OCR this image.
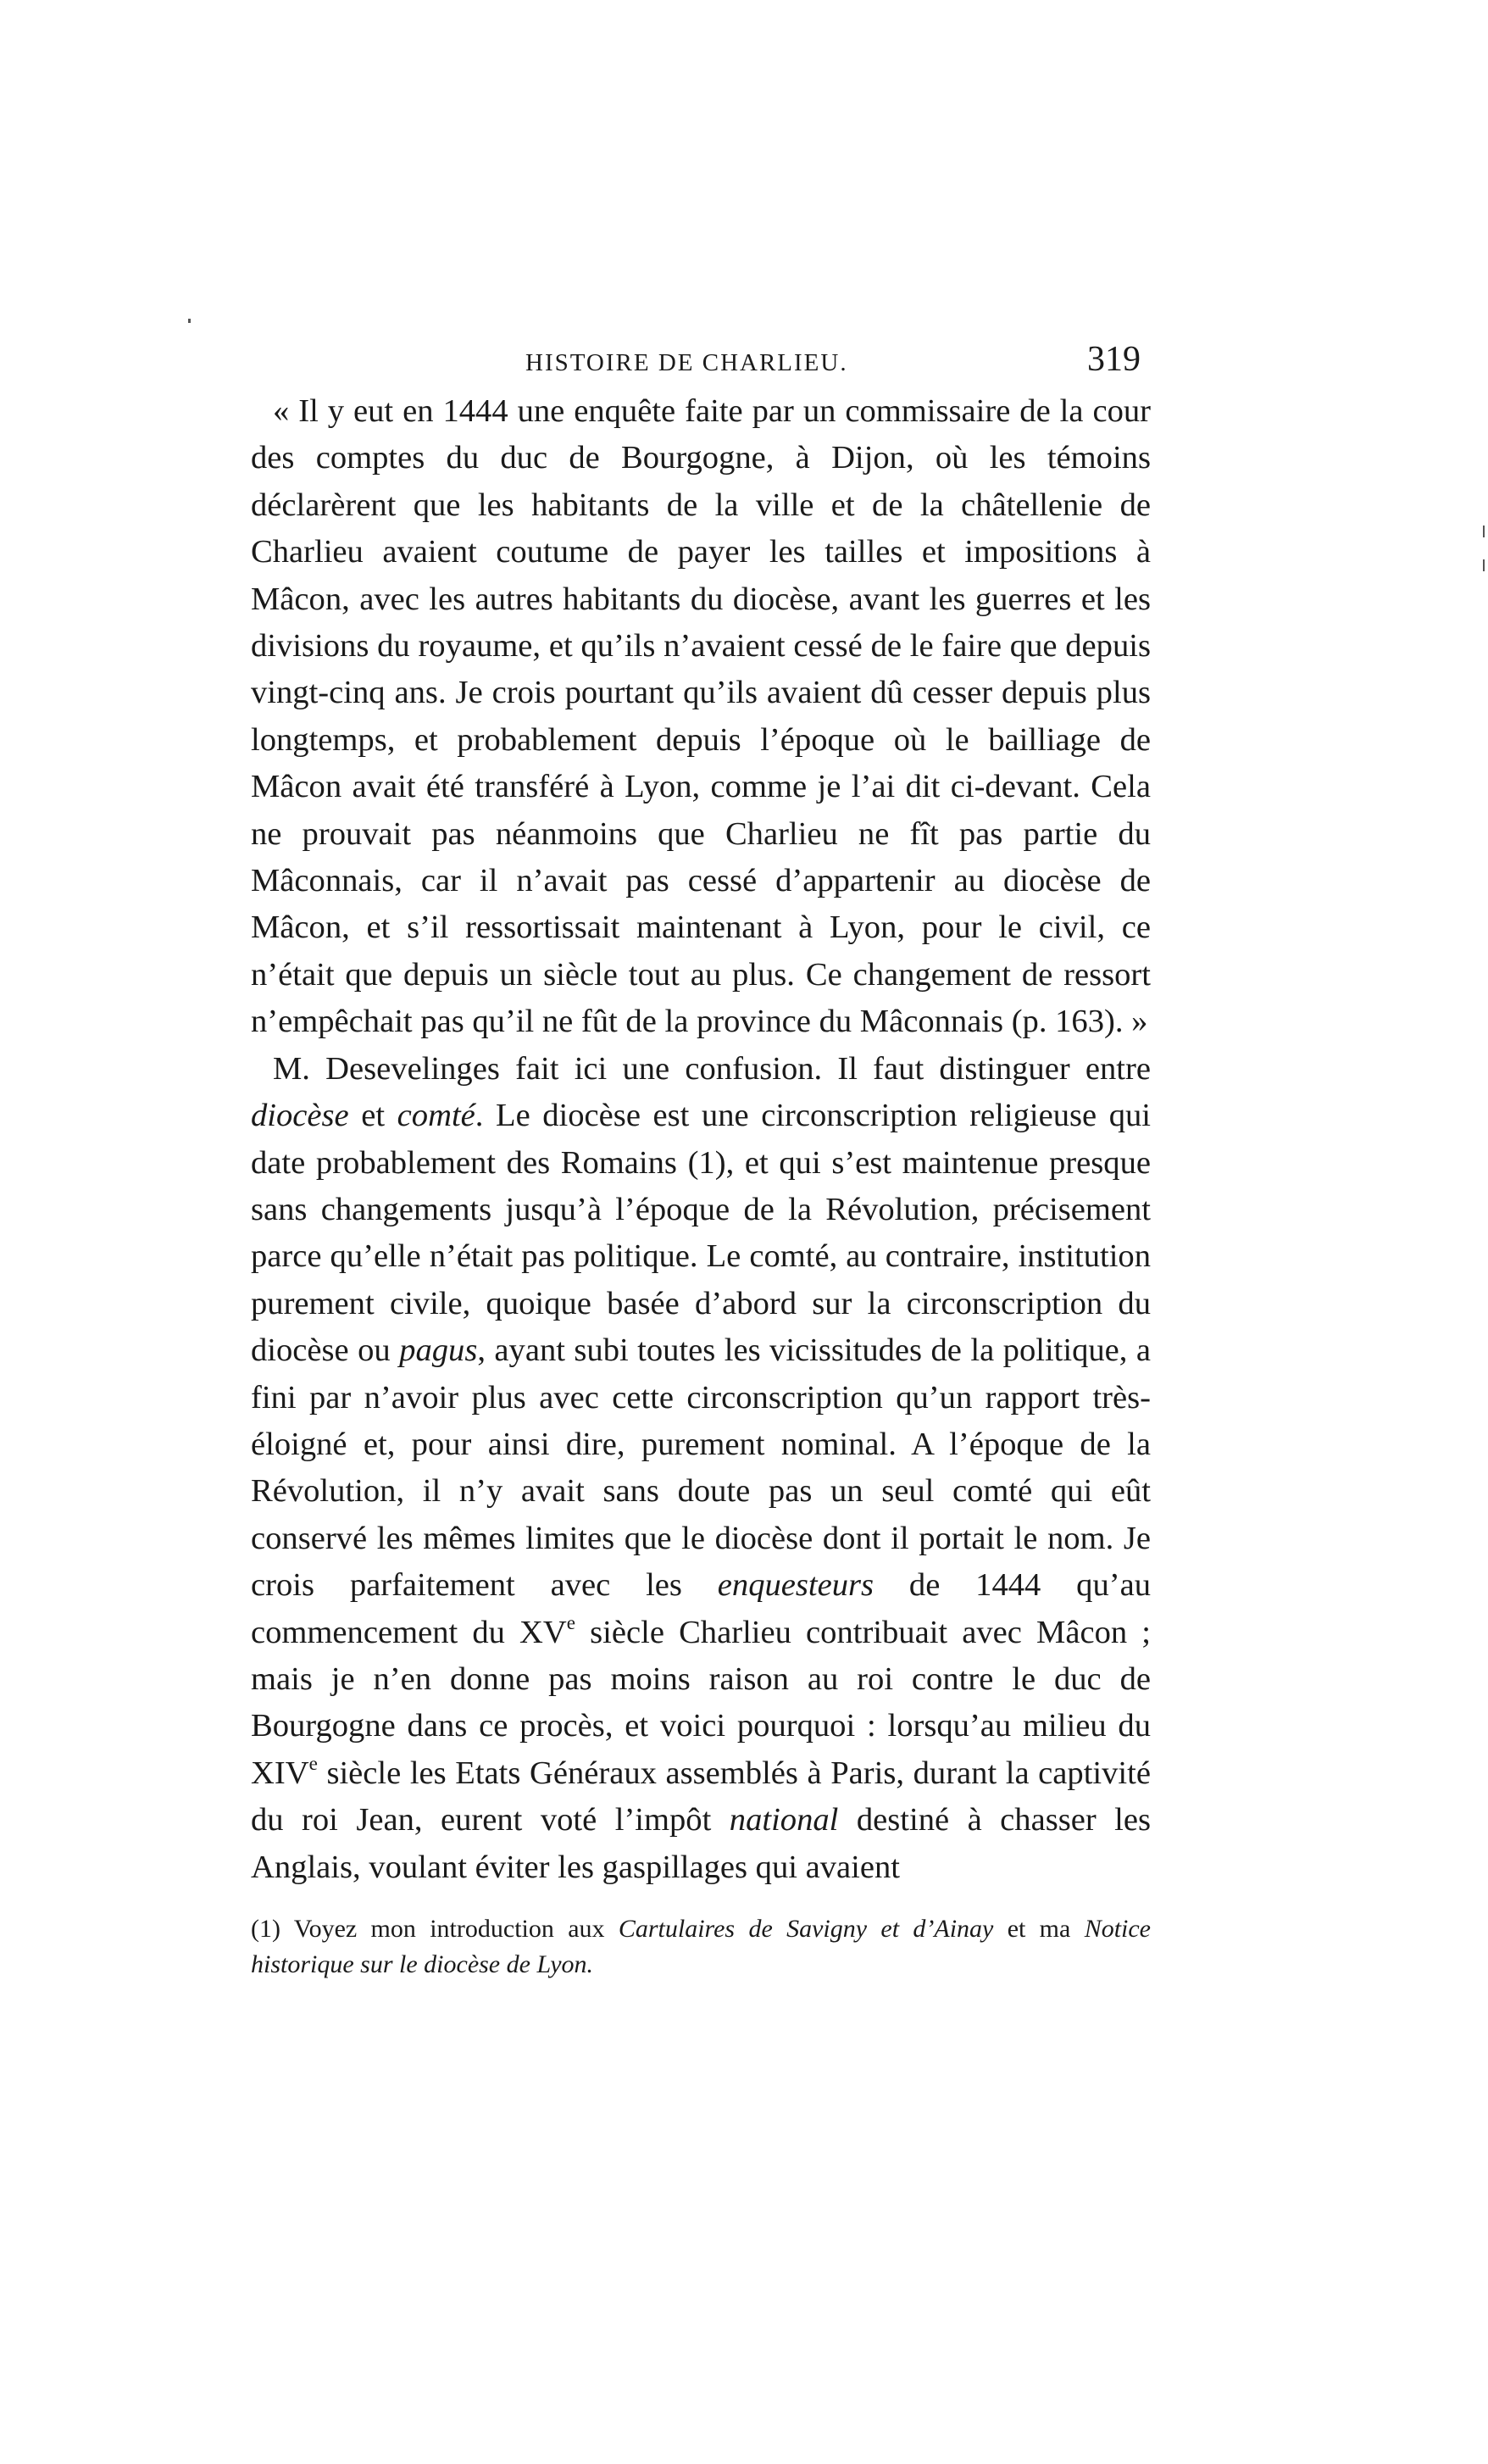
HISTOIRE DE CHARLIEU.	319

« Il y eut en 1444 une enquête faite par un commissaire de la cour des comptes du duc de Bourgogne, à Dijon, où les témoins déclarèrent que les habitants de la ville et de la châtellenie de Charlieu avaient coutume de payer les tailles et impositions à Mâcon, avec les autres habitants du diocèse, avant les guerres et les divisions du royaume, et qu’ils n’avaient cessé de le faire que depuis vingt-cinq ans. Je crois pourtant qu’ils avaient dû cesser depuis plus longtemps, et probablement depuis l’époque où le bailliage de Mâcon avait été transféré à Lyon, comme je l’ai dit ci-devant. Cela ne prouvait pas néanmoins que Charlieu ne fît pas partie du Mâconnais, car il n’avait pas cessé d’appartenir au diocèse de Mâcon, et s’il ressortissait maintenant à Lyon, pour le civil, ce n’était que depuis un siècle tout au plus. Ce changement de ressort n’empêchait pas qu’il ne fût de la province du Mâconnais (p. 163). »

M. Desevelinges fait ici une confusion. Il faut distinguer entre diocèse et comté. Le diocèse est une circonscription religieuse qui date probablement des Romains (1), et qui s’est maintenue presque sans changements jusqu’à l’époque de la Révolution, précisement parce qu’elle n’était pas politique. Le comté, au contraire, institution purement civile, quoique basée d’abord sur la circonscription du diocèse ou pagus, ayant subi toutes les vicissitudes de la politique, a fini par n’avoir plus avec cette circonscription qu’un rapport très-éloigné et, pour ainsi dire, purement nominal. A l’époque de la Révolution, il n’y avait sans doute pas un seul comté qui eût conservé les mêmes limites que le diocèse dont il portait le nom. Je crois parfaitement avec les enquesteurs de 1444 qu’au commencement du XVe siècle Charlieu contribuait avec Mâcon ; mais je n’en donne pas moins raison au roi contre le duc de Bourgogne dans ce procès, et voici pourquoi : lorsqu’au milieu du XIVe siècle les Etats Généraux assemblés à Paris, durant la captivité du roi Jean, eurent voté l’impôt national destiné à chasser les Anglais, voulant éviter les gaspillages qui avaient

(1) Voyez mon introduction aux Cartulaires de Savigny et d’Ainay et ma Notice historique sur le diocèse de Lyon.
